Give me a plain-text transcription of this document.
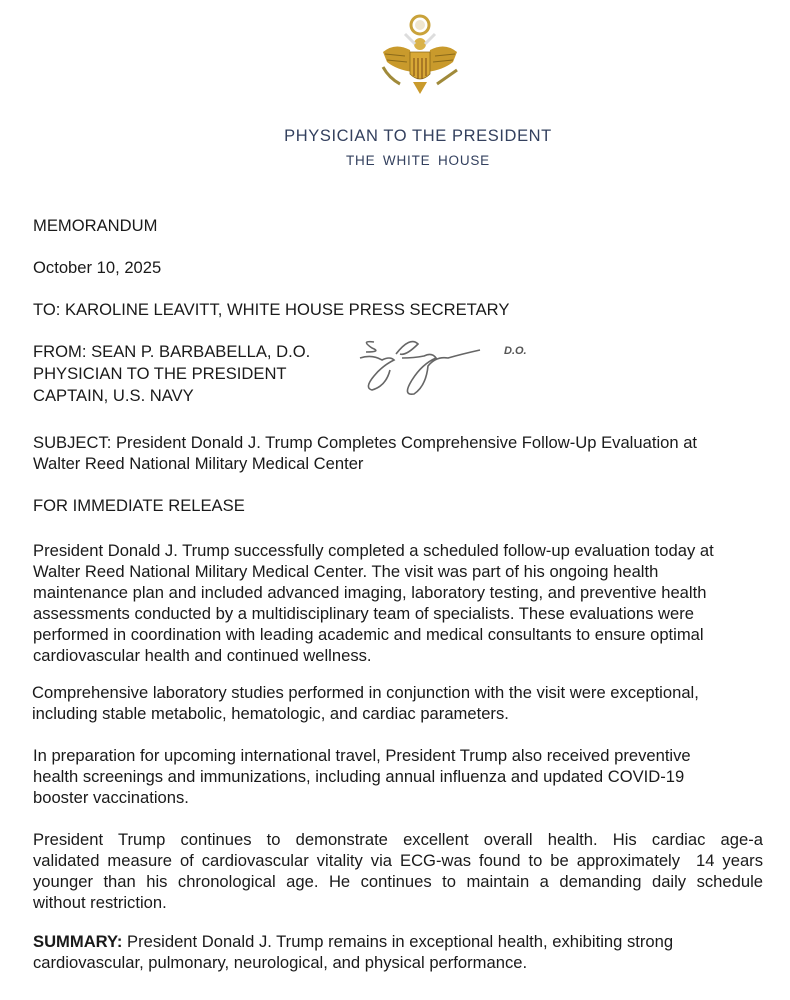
PHYSICIAN TO THE PRESIDENT
THE WHITE HOUSE
MEMORANDUM
October 10, 2025
TO: KAROLINE LEAVITT, WHITE HOUSE PRESS SECRETARY
FROM: SEAN P. BARBABELLA, D.O.
PHYSICIAN TO THE PRESIDENT
CAPTAIN, U.S. NAVY
D.O.
SUBJECT: President Donald J. Trump Completes Comprehensive Follow-Up Evaluation at
Walter Reed National Military Medical Center
FOR IMMEDIATE RELEASE
President Donald J. Trump successfully completed a scheduled follow-up evaluation today at
Walter Reed National Military Medical Center. The visit was part of his ongoing health
maintenance plan and included advanced imaging, laboratory testing, and preventive health
assessments conducted by a multidisciplinary team of specialists. These evaluations were
performed in coordination with leading academic and medical consultants to ensure optimal
cardiovascular health and continued wellness.
Comprehensive laboratory studies performed in conjunction with the visit were exceptional,
including stable metabolic, hematologic, and cardiac parameters.
In preparation for upcoming international travel, President Trump also received preventive
health screenings and immunizations, including annual influenza and updated COVID-19
booster vaccinations.
President Trump continues to demonstrate excellent overall health. His cardiac age-a
validated measure of cardiovascular vitality via ECG-was found to be approximately  14 years
younger than his chronological age. He continues to maintain a demanding daily schedule
without restriction.
SUMMARY: President Donald J. Trump remains in exceptional health, exhibiting strong
cardiovascular, pulmonary, neurological, and physical performance.
